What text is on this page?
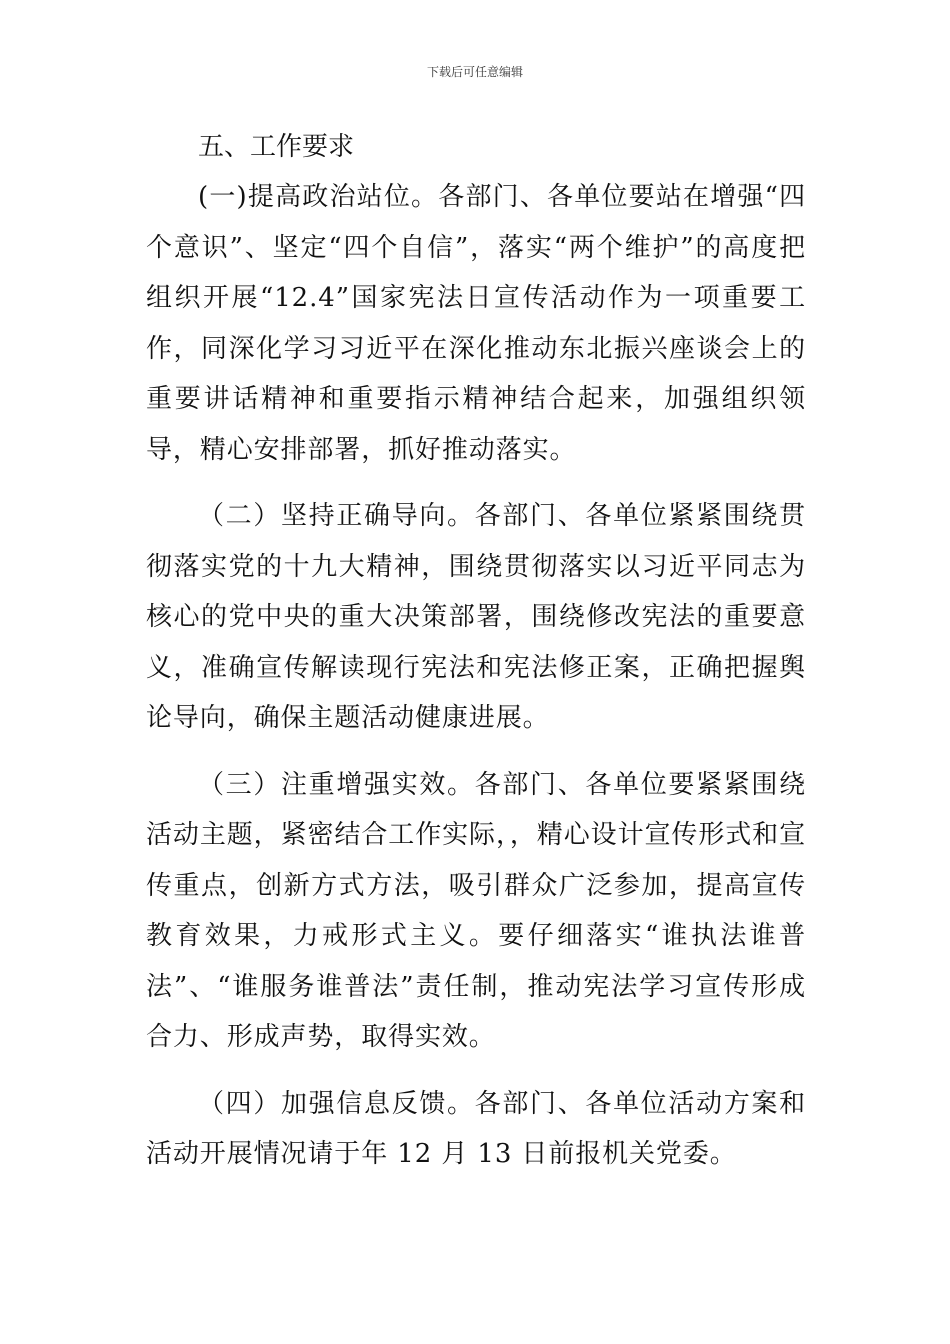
下载后可任意编辑
五、工作要求

(一)提高政治站位。各部门、各单位要站在增强“四个意识”、坚定“四个自信”，落实“两个维护”的高度把组织开展“12.4”国家宪法日宣传活动作为一项重要工作，同深化学习习近平在深化推动东北振兴座谈会上的重要讲话精神和重要指示精神结合起来，加强组织领导，精心安排部署，抓好推动落实。

（二）坚持正确导向。各部门、各单位紧紧围绕贯彻落实党的十九大精神，围绕贯彻落实以习近平同志为核心的党中央的重大决策部署，围绕修改宪法的重要意义，准确宣传解读现行宪法和宪法修正案，正确把握舆论导向，确保主题活动健康进展。

（三）注重增强实效。各部门、各单位要紧紧围绕活动主题，紧密结合工作实际，，精心设计宣传形式和宣传重点，创新方式方法，吸引群众广泛参加，提高宣传教育效果，力戒形式主义。要仔细落实“谁执法谁普法”、“谁服务谁普法”责任制，推动宪法学习宣传形成合力、形成声势，取得实效。

（四）加强信息反馈。各部门、各单位活动方案和活动开展情况请于年 12 月 13 日前报机关党委。
